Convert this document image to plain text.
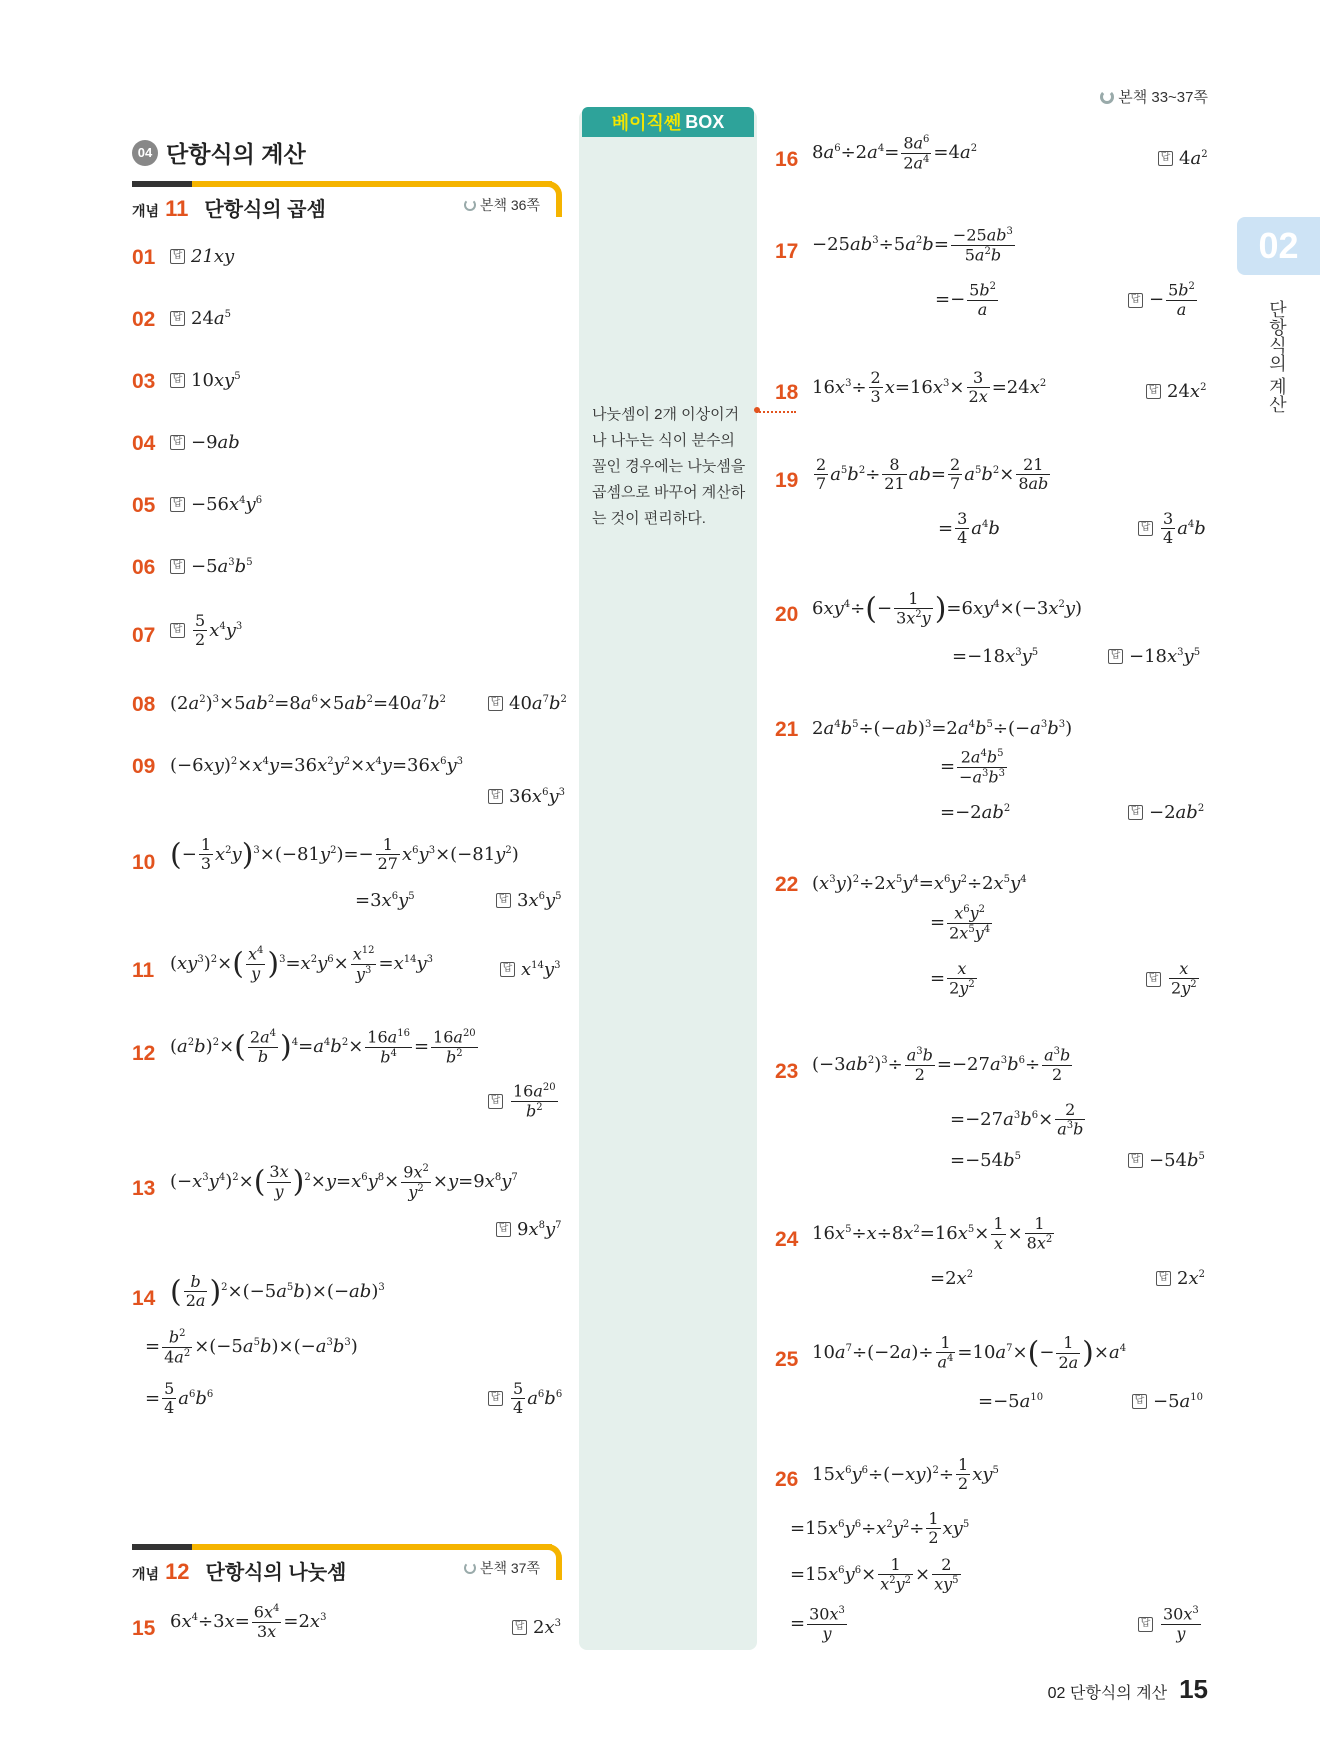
본책 33~37쪽
02
단항식의 계산
04 단항식의 계산
개념 11 단항식의 곱셈	본책 36쪽
01 답 21xy
02 답 $24a^5$
03 답 $10xy^5$
04 답 −9ab
05 답 $-56x^4y^6$
06 답 $-5a^3b^5$
07 답 $\frac{5}{2} x^4y^3$
08 $(2a^2)^3\times 5ab^2=8a^6\times 5ab^2=40a^7b^2$	답 $40a^7b^2$
09 $(-6xy)^2\times x^4y=36x^2y^2\times x^4y=36x^6y^3$
답 $36x^6y^3$
10 (− $\frac{1}{3} x^2y)^3\times(-81y^2)=- \frac{1}{27} x^6y^3\times(-81y^2)$
$=3x^6y^5$	답 $3x^6y^5$
11 $(xy^3)^2\times( \frac{x^4}{y} )^3=x^2y^6\times \frac{x^{12}}{y^3} =x^{14}y^3$
답 $x^{14}y^3$
12 $(a^2b)^2\times( \frac{2a^4}{b} )^4=a^4b^2\times \frac{16a^{16}}{b^4} = \frac{16a^{20}}{b^2}$
답 $16a^{20}$
$b^2$
13 $(-x^3y^4)^2\times( \frac{3x}{y} )^2\times y=x^6y^8\times \frac{9x^2}{y^2} \times y=9x^8y^7$
답 $9x^8y^7$
14 ( $\frac{b}{2a} )^2\times(-5a^5b)\times(-ab)^3$
= $\frac{b^2}{4a^2} \times(-5a^5b)\times(-a^3b^3)$
= $\frac{5}{4} a^6b^6$	답 $\frac{5}{4} a^6b^6$
개념 12 단항식의 나눗셈	본책 37쪽
15 $6x^4\div 3x= \frac{6x^4}{3x} =2x^3$
답 $2x^3$
베이직쎈 BOX
나눗셈이 2개 이상이거나 나누는 식이 분수의 꼴인 경우에는 나눗셈을 곱셈으로 바꾸어 계산하는 것이 편리하다.
16 $8a^6\div 2a^4= \frac{8a^6}{2a^4} =4a^2$
답 $4a^2$
$17 -25ab^3\div 5a^2b= \frac{-25ab^3}{5a^2b}$
=− $\frac{5b^2}{a}$	답 − $\frac{5b^2}{a}$
18 $16x^3\div \frac{2}{3} x=16x^3\times \frac{3}{2x} =24x^2$
답 $24x^2$
$19 \frac{2}{7} a^5b^2\div \frac{8}{21} ab= \frac{2}{7} a^5b^2\times \frac{21}{8ab}$
= $\frac{3}{4} a^4b$	답 $\frac{3}{4} a^4b$
20 $6xy^4\div(- \frac{1}{3x^2y} )=6xy^4\times(-3x^2y)$
$=-18x^3y^5$	답 $-18x^3y^5$
21 $2a^4b^5\div(-ab)^3=2a^4b^5\div(-a^3b^3)$
= $\frac{2a^4b^5}{-a^3b^3}$
$=-2ab^2$	답 $-2ab^2$
22 $(x^3y)^2\div 2x^5y^4=x^6y^2\div 2x^5y^4$
= $\frac{x^6y^2}{2x^5y^4}$
= $\frac{x}{2y^2}$	답
x
$2y^2$
23 $(-3ab^2)^3\div \frac{a^3b}{2} =-27a^3b^6\div \frac{a^3b}{2}$
$=-27a^3b^6\times \frac{2}{a^3b}$
$=-54b^5$	답 $-54b^5$
24 $16x^5\div x\div 8x^2=16x^5\times \frac{1}{x} \times \frac{1}{8x^2}$
$=2x^2$	답 $2x^2$
25 $10a^7\div(-2a)\div \frac{1}{a^4} =10a^7\times(- \frac{1}{2a} )\times a^4$
$=-5a^{10}$	답 $-5a^{10}$
26 $15x^6y^6\div(-xy)^2\div \frac{1}{2} xy^5$
$=15x^6y^6\div x^2y^2\div \frac{1}{2} xy^5$
$=15x^6y^6\times \frac{1}{x^2y^2} \times \frac{2}{xy^5}$
= $\frac{30x^3}{y}$	답 $30x^3$
y
02 단항식의 계산 15
